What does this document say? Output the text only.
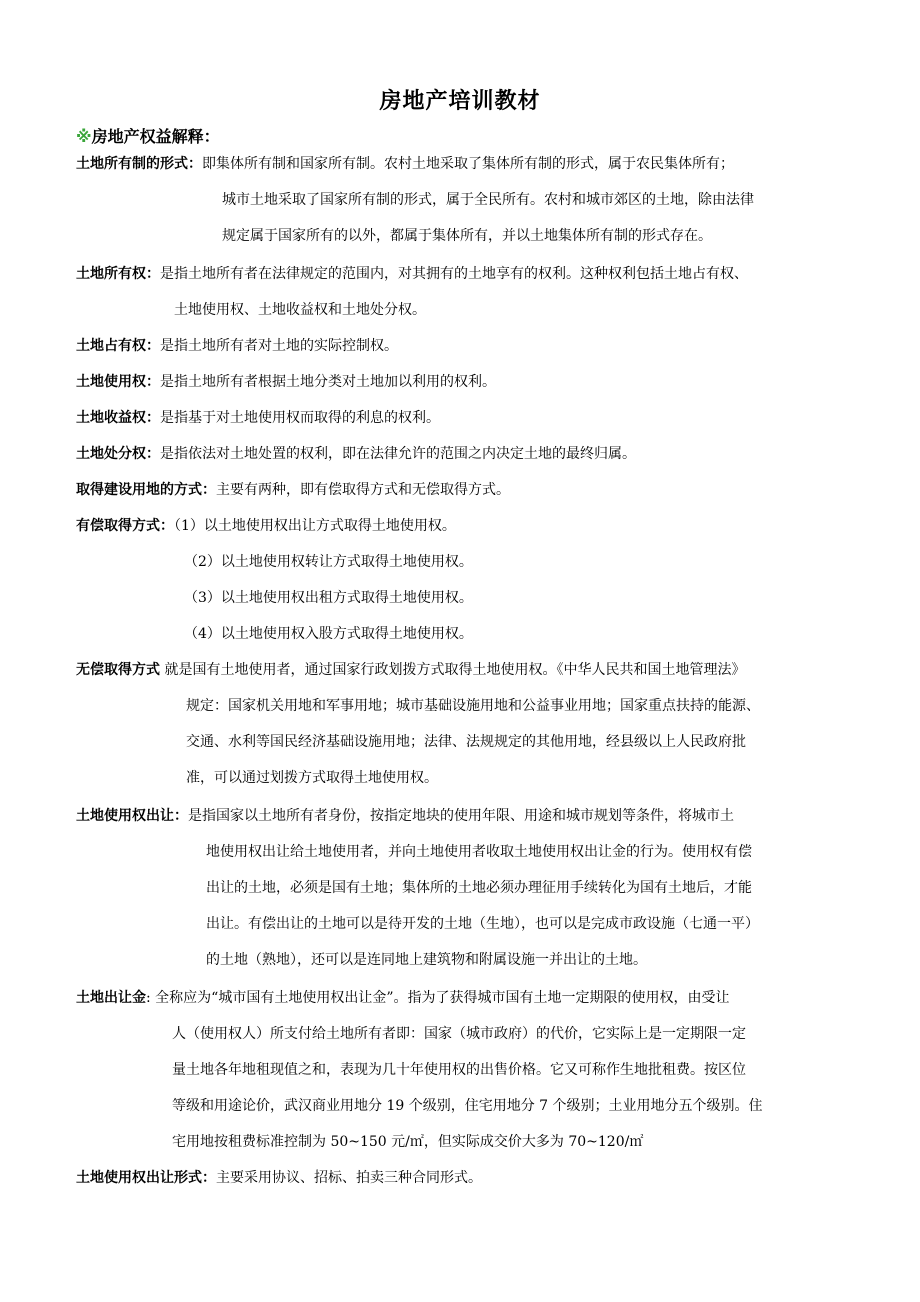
房地产培训教材
※房地产权益解释：
土地所有制的形式：即集体所有制和国家所有制。农村土地采取了集体所有制的形式，属于农民集体所有；
城市土地采取了国家所有制的形式，属于全民所有。农村和城市郊区的土地，除由法律
规定属于国家所有的以外，都属于集体所有，并以土地集体所有制的形式存在。
土地所有权：是指土地所有者在法律规定的范围内，对其拥有的土地享有的权利。这种权利包括土地占有权、
土地使用权、土地收益权和土地处分权。
土地占有权：是指土地所有者对土地的实际控制权。
土地使用权：是指土地所有者根据土地分类对土地加以利用的权利。
土地收益权：是指基于对土地使用权而取得的利息的权利。
土地处分权：是指依法对土地处置的权利，即在法律允许的范围之内决定土地的最终归属。
取得建设用地的方式：主要有两种，即有偿取得方式和无偿取得方式。
有偿取得方式：（1）以土地使用权出让方式取得土地使用权。
（2）以土地使用权转让方式取得土地使用权。
（3）以土地使用权出租方式取得土地使用权。
（4）以土地使用权入股方式取得土地使用权。
无偿取得方式 就是国有土地使用者，通过国家行政划拨方式取得土地使用权。《中华人民共和国土地管理法》
规定：国家机关用地和军事用地；城市基础设施用地和公益事业用地；国家重点扶持的能源、
交通、水利等国民经济基础设施用地；法律、法规规定的其他用地，经县级以上人民政府批
准，可以通过划拨方式取得土地使用权。
土地使用权出让：是指国家以土地所有者身份，按指定地块的使用年限、用途和城市规划等条件，将城市土
地使用权出让给土地使用者，并向土地使用者收取土地使用权出让金的行为。使用权有偿
出让的土地，必须是国有土地；集体所的土地必须办理征用手续转化为国有土地后，才能
出让。有偿出让的土地可以是待开发的土地（生地），也可以是完成市政设施（七通一平）
的土地（熟地），还可以是连同地上建筑物和附属设施一并出让的土地。
土地出让金: 全称应为“城市国有土地使用权出让金”。指为了获得城市国有土地一定期限的使用权，由受让
人（使用权人）所支付给土地所有者即：国家（城市政府）的代价，它实际上是一定期限一定
量土地各年地租现值之和，表现为几十年使用权的出售价格。它又可称作生地批租费。按区位
等级和用途论价，武汉商业用地分 19 个级别，住宅用地分 7 个级别；土业用地分五个级别。住
宅用地按租费标准控制为 50~150 元/㎡，但实际成交价大多为 70~120/㎡
土地使用权出让形式：主要采用协议、招标、拍卖三种合同形式。
